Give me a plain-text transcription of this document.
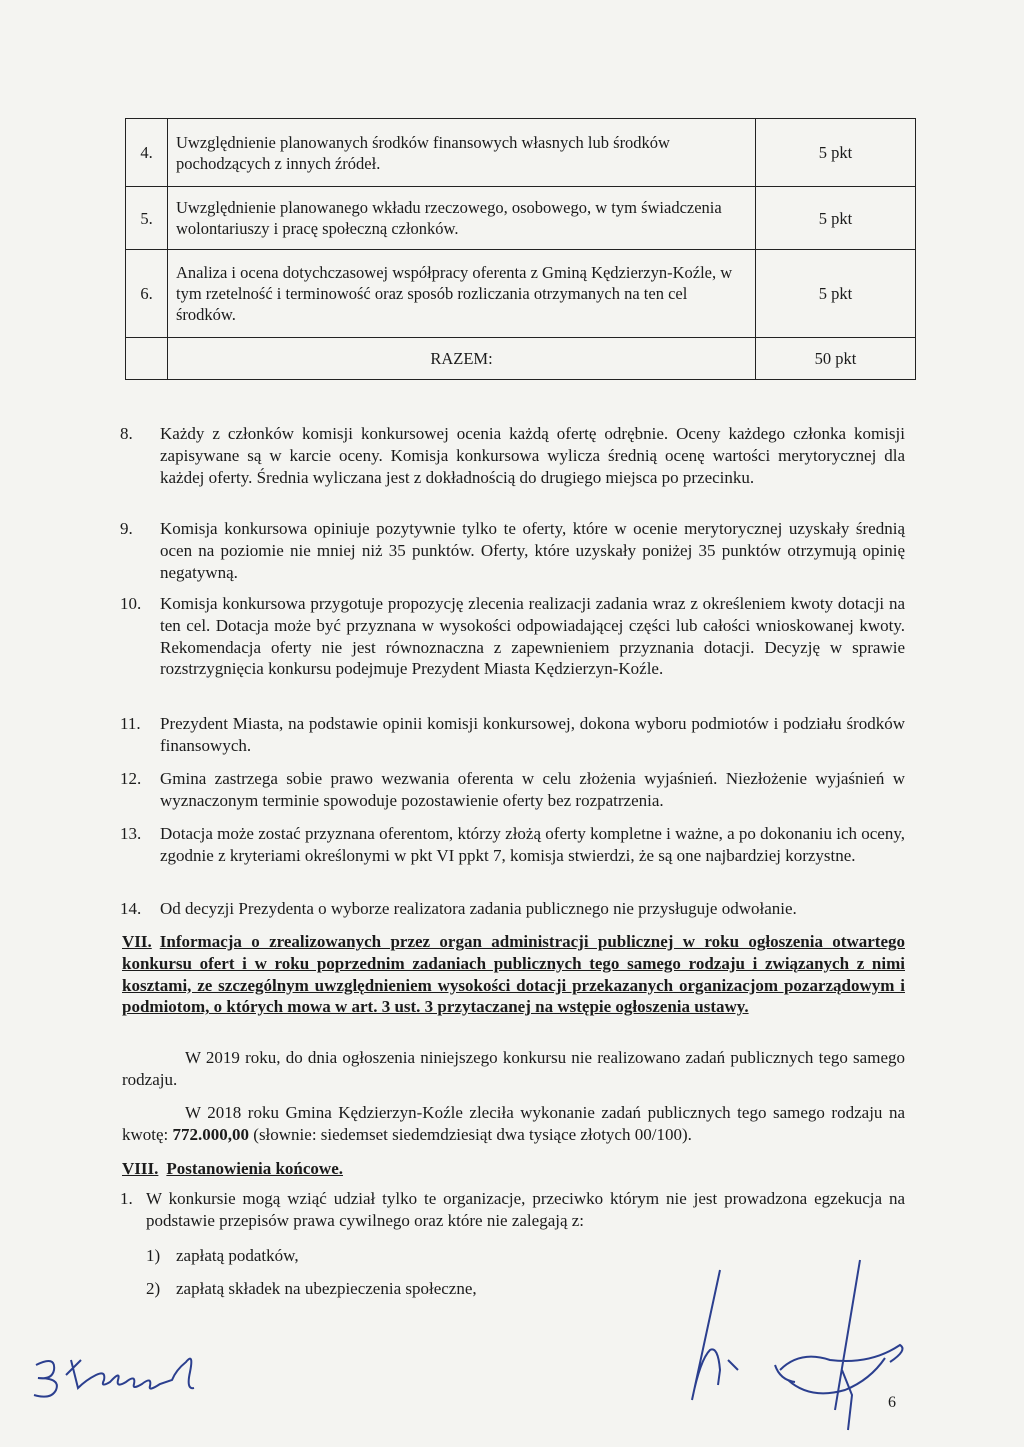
4.	Uwzględnienie planowanych środków finansowych własnych lub środków pochodzących z innych źródeł.	5 pkt
5.	Uwzględnienie planowanego wkładu rzeczowego, osobowego, w tym świadczenia wolontariuszy i pracę społeczną członków.	5 pkt
6.	Analiza i ocena dotychczasowej współpracy oferenta z Gminą Kędzierzyn-Koźle, w tym rzetelność i terminowość oraz sposób rozliczania otrzymanych na ten cel środków.	5 pkt
	RAZEM:	50 pkt
8.	Każdy z członków komisji konkursowej ocenia każdą ofertę odrębnie. Oceny każdego członka komisji zapisywane są w karcie oceny. Komisja konkursowa wylicza średnią ocenę wartości merytorycznej dla każdej oferty. Średnia wyliczana jest z dokładnością do drugiego miejsca po przecinku.
9.	Komisja konkursowa opiniuje pozytywnie tylko te oferty, które w ocenie merytorycznej uzyskały średnią ocen na poziomie nie mniej niż 35 punktów. Oferty, które uzyskały poniżej 35 punktów otrzymują opinię negatywną.
10.	Komisja konkursowa przygotuje propozycję zlecenia realizacji zadania wraz z określeniem kwoty dotacji na ten cel. Dotacja może być przyznana w wysokości odpowiadającej części lub całości wnioskowanej kwoty. Rekomendacja oferty nie jest równoznaczna z zapewnieniem przyznania dotacji. Decyzję w sprawie rozstrzygnięcia konkursu podejmuje Prezydent Miasta Kędzierzyn-Koźle.
11.	Prezydent Miasta, na podstawie opinii komisji konkursowej, dokona wyboru podmiotów i podziału środków finansowych.
12.	Gmina zastrzega sobie prawo wezwania oferenta w celu złożenia wyjaśnień. Niezłożenie wyjaśnień w wyznaczonym terminie spowoduje pozostawienie oferty bez rozpatrzenia.
13.	Dotacja może zostać przyznana oferentom, którzy złożą oferty kompletne i ważne, a po dokonaniu ich oceny, zgodnie z kryteriami określonymi w pkt VI ppkt 7, komisja stwierdzi, że są one najbardziej korzystne.
14.	Od decyzji Prezydenta o wyborze realizatora zadania publicznego nie przysługuje odwołanie.
VII. Informacja o zrealizowanych przez organ administracji publicznej w roku ogłoszenia otwartego konkursu ofert i w roku poprzednim zadaniach publicznych tego samego rodzaju i związanych z nimi kosztami, ze szczególnym uwzględnieniem wysokości dotacji przekazanych organizacjom pozarządowym i podmiotom, o których mowa w art. 3 ust. 3 przytaczanej na wstępie ogłoszenia ustawy.
W 2019 roku, do dnia ogłoszenia niniejszego konkursu nie realizowano zadań publicznych tego samego rodzaju.
W 2018 roku Gmina Kędzierzyn-Koźle zleciła wykonanie zadań publicznych tego samego rodzaju na kwotę: 772.000,00 (słownie: siedemset siedemdziesiąt dwa tysiące złotych 00/100).
VIII. Postanowienia końcowe.
1. W konkursie mogą wziąć udział tylko te organizacje, przeciwko którym nie jest prowadzona egzekucja na podstawie przepisów prawa cywilnego oraz które nie zalegają z:
1) zapłatą podatków,
2) zapłatą składek na ubezpieczenia społeczne,
6
